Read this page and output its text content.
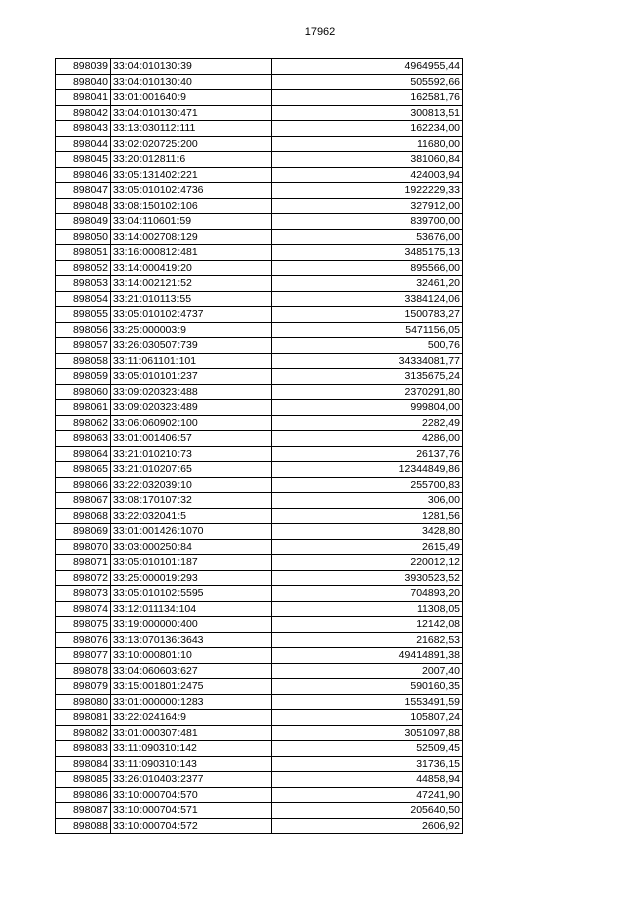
17962
898039	33:04:010130:39	4964955,44
898040	33:04:010130:40	505592,66
898041	33:01:001640:9	162581,76
898042	33:04:010130:471	300813,51
898043	33:13:030112:111	162234,00
898044	33:02:020725:200	11680,00
898045	33:20:012811:6	381060,84
898046	33:05:131402:221	424003,94
898047	33:05:010102:4736	1922229,33
898048	33:08:150102:106	327912,00
898049	33:04:110601:59	839700,00
898050	33:14:002708:129	53676,00
898051	33:16:000812:481	3485175,13
898052	33:14:000419:20	895566,00
898053	33:14:002121:52	32461,20
898054	33:21:010113:55	3384124,06
898055	33:05:010102:4737	1500783,27
898056	33:25:000003:9	5471156,05
898057	33:26:030507:739	500,76
898058	33:11:061101:101	34334081,77
898059	33:05:010101:237	3135675,24
898060	33:09:020323:488	2370291,80
898061	33:09:020323:489	999804,00
898062	33:06:060902:100	2282,49
898063	33:01:001406:57	4286,00
898064	33:21:010210:73	26137,76
898065	33:21:010207:65	12344849,86
898066	33:22:032039:10	255700,83
898067	33:08:170107:32	306,00
898068	33:22:032041:5	1281,56
898069	33:01:001426:1070	3428,80
898070	33:03:000250:84	2615,49
898071	33:05:010101:187	220012,12
898072	33:25:000019:293	3930523,52
898073	33:05:010102:5595	704893,20
898074	33:12:011134:104	11308,05
898075	33:19:000000:400	12142,08
898076	33:13:070136:3643	21682,53
898077	33:10:000801:10	49414891,38
898078	33:04:060603:627	2007,40
898079	33:15:001801:2475	590160,35
898080	33:01:000000:1283	1553491,59
898081	33:22:024164:9	105807,24
898082	33:01:000307:481	3051097,88
898083	33:11:090310:142	52509,45
898084	33:11:090310:143	31736,15
898085	33:26:010403:2377	44858,94
898086	33:10:000704:570	47241,90
898087	33:10:000704:571	205640,50
898088	33:10:000704:572	2606,92
